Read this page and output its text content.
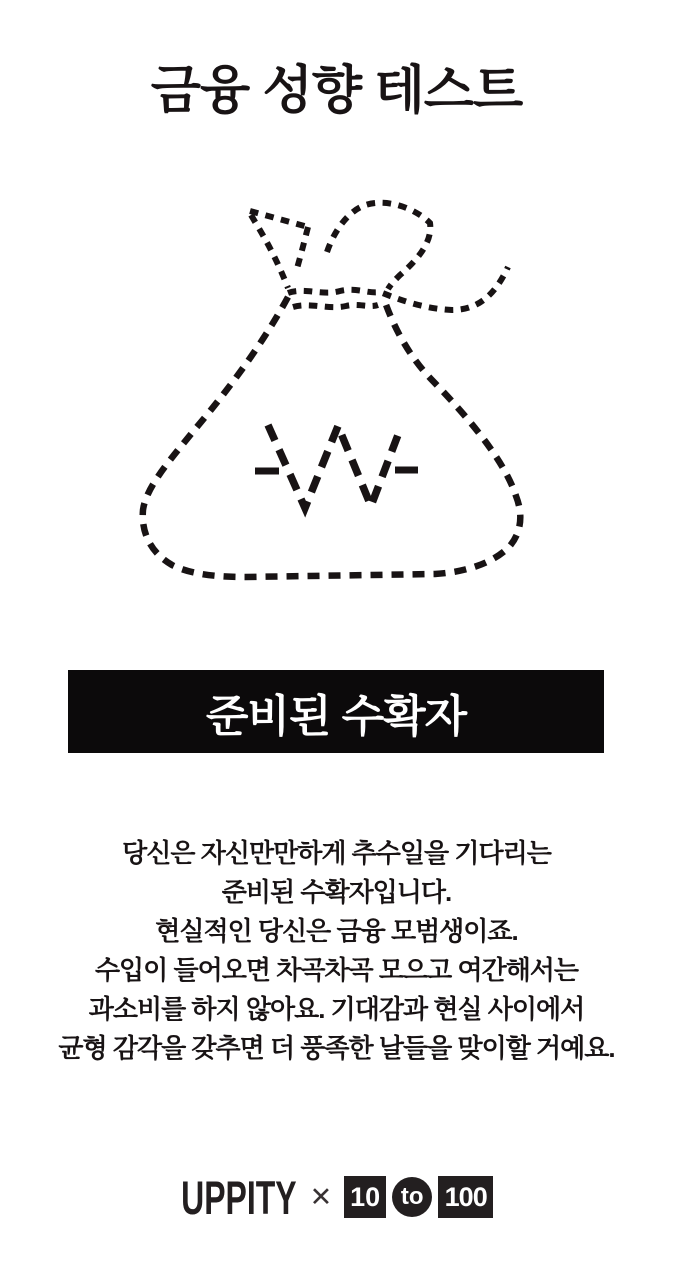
금융 성향 테스트
준비된 수확자

당신은 자신만만하게 추수일을 기다리는
준비된 수확자입니다.
현실적인 당신은 금융 모범생이죠.
수입이 들어오면 차곡차곡 모으고 여간해서는
과소비를 하지 않아요. 기대감과 현실 사이에서
균형 감각을 갖추면 더 풍족한 날들을 맞이할 거예요.

UPPITY ✕ 10 to 100
